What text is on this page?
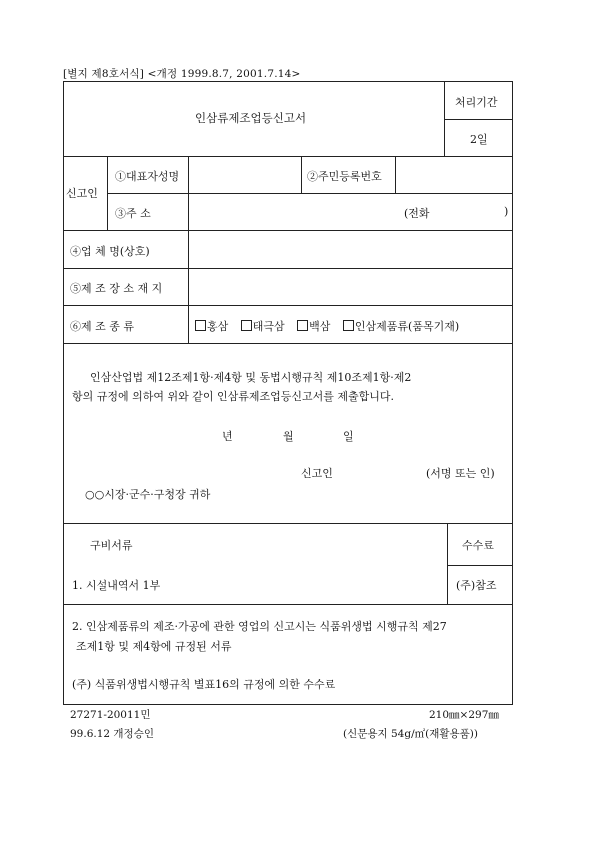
[별지 제8호서식] <개정 1999.8.7, 2001.7.14>
인삼류제조업등신고서
처리기간
2일
신고인
①대표자성명	②주민등록번호
③주 소	(전화	)
④업 체 명(상호)
⑤제 조 장 소 재 지
⑥제 조 종 류	홍삼 태극삼 백삼 인삼제품류(품목기재)
인삼산업법 제12조제1항·제4항 및 동법시행규칙 제10조제1항·제2
항의 규정에 의하여 위와 같이 인삼류제조업등신고서를 제출합니다.
년	월	일
신고인	(서명 또는 인)
○○시장·군수·구청장 귀하
구비서류	수수료
1. 시설내역서 1부	(주)참조
2. 인삼제품류의 제조·가공에 관한 영업의 신고시는 식품위생법 시행규칙 제27
조제1항 및 제4항에 규정된 서류
(주) 식품위생법시행규칙 별표16의 규정에 의한 수수료
27271-20011민	210㎜×297㎜
99.6.12 개정승인	(신문용지 54g/㎡(재활용품))
